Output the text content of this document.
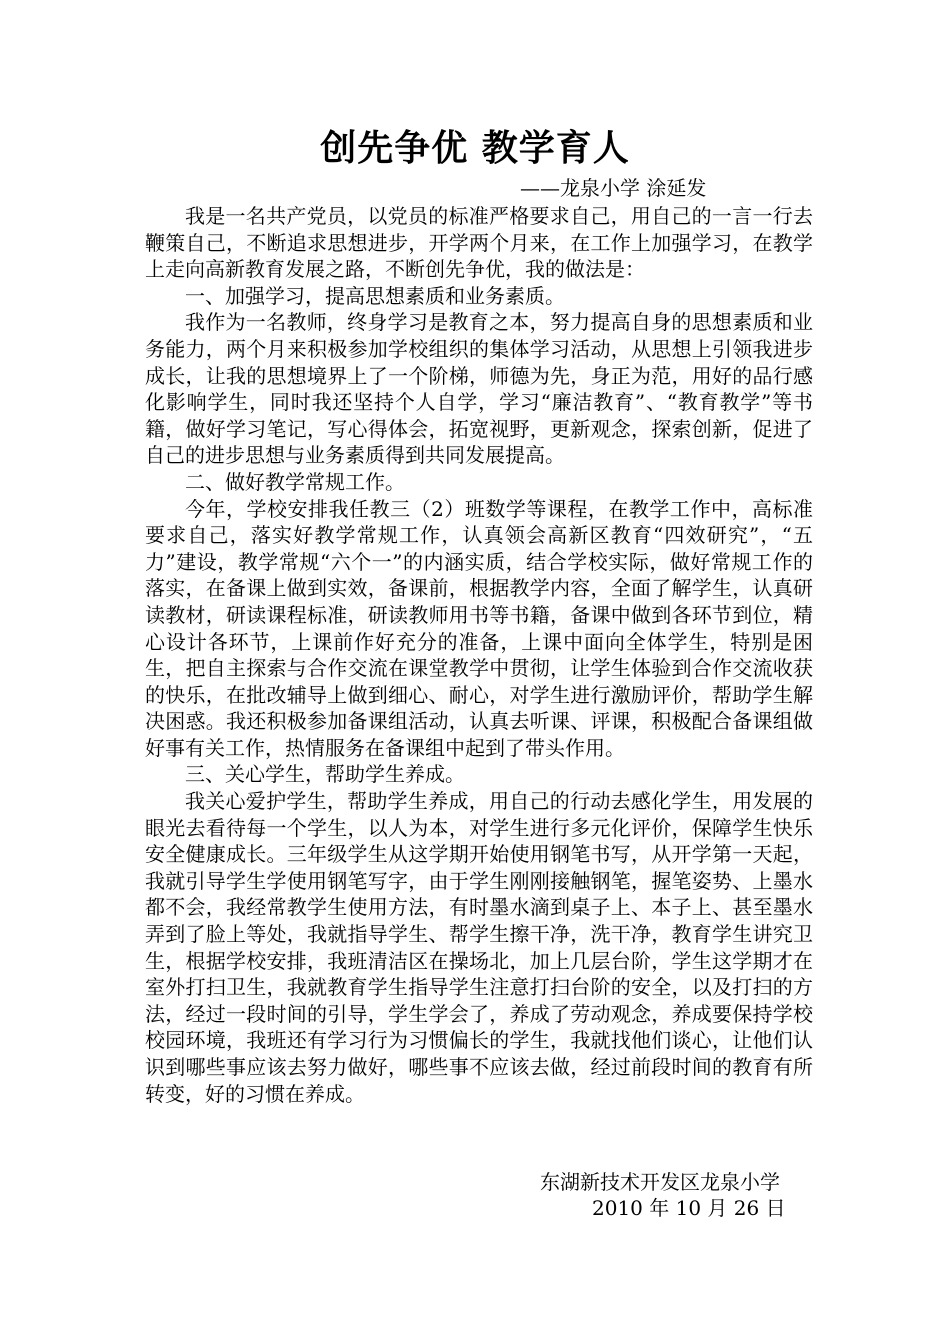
创先争优 教学育人
——龙泉小学 涂延发

我是一名共产党员，以党员的标准严格要求自己，用自己的一言一行去鞭策自己，不断追求思想进步，开学两个月来，在工作上加强学习，在教学上走向高新教育发展之路，不断创先争优，我的做法是：

一、加强学习，提高思想素质和业务素质。

我作为一名教师，终身学习是教育之本，努力提高自身的思想素质和业务能力，两个月来积极参加学校组织的集体学习活动，从思想上引领我进步成长，让我的思想境界上了一个阶梯，师德为先，身正为范，用好的品行感化影响学生，同时我还坚持个人自学，学习“廉洁教育”、“教育教学”等书籍，做好学习笔记，写心得体会，拓宽视野，更新观念，探索创新，促进了自己的进步思想与业务素质得到共同发展提高。

二、做好教学常规工作。

今年，学校安排我任教三（2）班数学等课程，在教学工作中，高标准要求自己，落实好教学常规工作，认真领会高新区教育“四效研究”，“五力”建设，教学常规“六个一”的内涵实质，结合学校实际，做好常规工作的落实，在备课上做到实效，备课前，根据教学内容，全面了解学生，认真研读教材，研读课程标准，研读教师用书等书籍，备课中做到各环节到位，精心设计各环节，上课前作好充分的准备，上课中面向全体学生，特别是困生，把自主探索与合作交流在课堂教学中贯彻，让学生体验到合作交流收获的快乐，在批改辅导上做到细心、耐心，对学生进行激励评价，帮助学生解决困惑。我还积极参加备课组活动，认真去听课、评课，积极配合备课组做好事有关工作，热情服务在备课组中起到了带头作用。

三、关心学生，帮助学生养成。

我关心爱护学生，帮助学生养成，用自己的行动去感化学生，用发展的眼光去看待每一个学生，以人为本，对学生进行多元化评价，保障学生快乐安全健康成长。三年级学生从这学期开始使用钢笔书写，从开学第一天起，我就引导学生学使用钢笔写字，由于学生刚刚接触钢笔，握笔姿势、上墨水都不会，我经常教学生使用方法，有时墨水滴到桌子上、本子上、甚至墨水弄到了脸上等处，我就指导学生、帮学生擦干净，洗干净，教育学生讲究卫生，根据学校安排，我班清洁区在操场北，加上几层台阶，学生这学期才在室外打扫卫生，我就教育学生指导学生注意打扫台阶的安全，以及打扫的方法，经过一段时间的引导，学生学会了，养成了劳动观念，养成要保持学校校园环境，我班还有学习行为习惯偏长的学生，我就找他们谈心，让他们认识到哪些事应该去努力做好，哪些事不应该去做，经过前段时间的教育有所转变，好的习惯在养成。

东湖新技术开发区龙泉小学
2010 年 10 月 26 日
